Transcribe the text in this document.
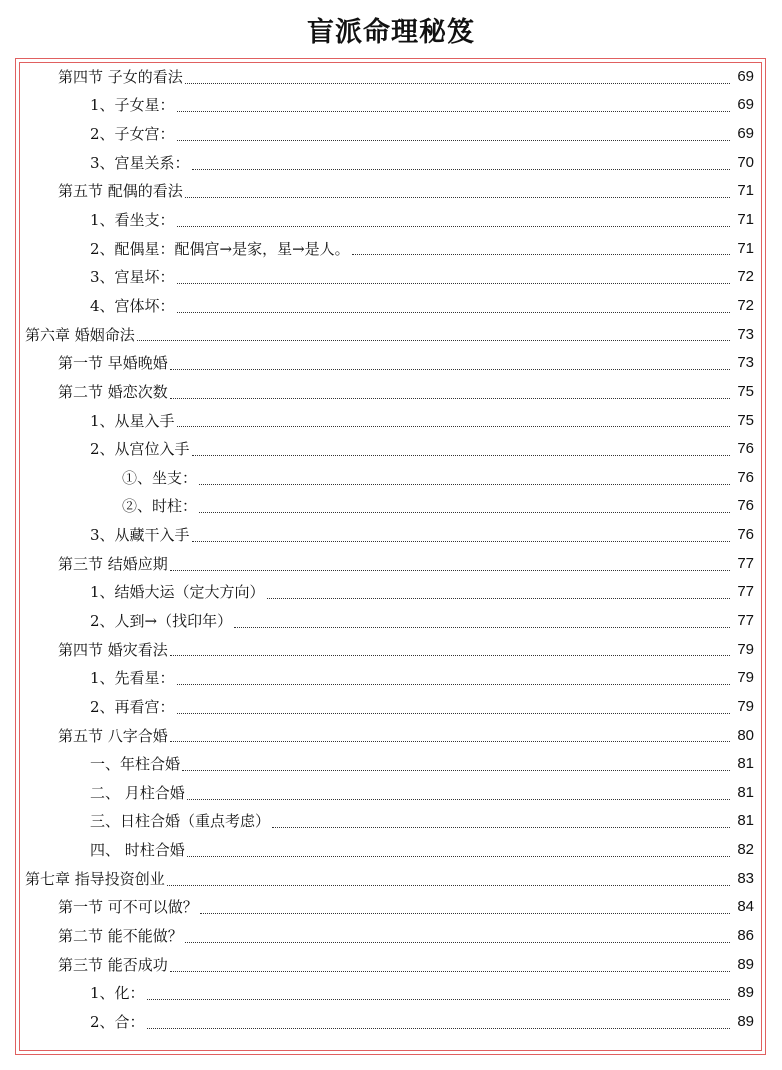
盲派命理秘笈
第四节 子女的看法	69
1、子女星：	69
2、子女宫：	69
3、宫星关系：	70
第五节 配偶的看法	71
1、看坐支：	71
2、配偶星：配偶宫→是家，星→是人。	71
3、宫星坏：	72
4、宫体坏：	72
第六章 婚姻命法	73
第一节 早婚晚婚	73
第二节 婚恋次数	75
1、从星入手	75
2、从宫位入手	76
①、坐支：	76
②、时柱：	76
3、从藏干入手	76
第三节 结婚应期	77
1、结婚大运（定大方向）	77
2、人到→（找印年）	77
第四节 婚灾看法	79
1、先看星：	79
2、再看宫：	79
第五节 八字合婚	80
一、年柱合婚	81
二、 月柱合婚	81
三、日柱合婚（重点考虑）	81
四、 时柱合婚	82
第七章 指导投资创业	83
第一节 可不可以做？	84
第二节 能不能做？	86
第三节 能否成功	89
1、化：	89
2、合：	89
